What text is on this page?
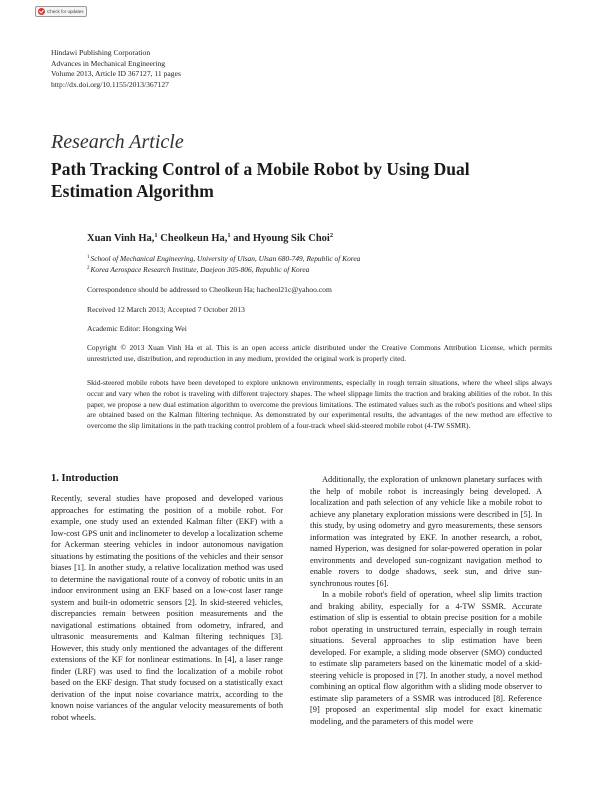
Check for updates
Hindawi Publishing Corporation
Advances in Mechanical Engineering
Volume 2013, Article ID 367127, 11 pages
http://dx.doi.org/10.1155/2013/367127
Research Article
Path Tracking Control of a Mobile Robot by Using Dual Estimation Algorithm
Xuan Vinh Ha,$^1$ Cheolkeun Ha,$^1$ and Hyoung Sik Choi$^2$
$^1$School of Mechanical Engineering, University of Ulsan, Ulsan 680-749, Republic of Korea
$^2$Korea Aerospace Research Institute, Daejeon 305-806, Republic of Korea
Correspondence should be addressed to Cheolkeun Ha; hacheol21c@yahoo.com
Received 12 March 2013; Accepted 7 October 2013
Academic Editor: Hongxing Wei
Copyright © 2013 Xuan Vinh Ha et al. This is an open access article distributed under the Creative Commons Attribution License, which permits unrestricted use, distribution, and reproduction in any medium, provided the original work is properly cited.
Skid-steered mobile robots have been developed to explore unknown environments, especially in rough terrain situations, where the wheel slips always occur and vary when the robot is traveling with different trajectory shapes. The wheel slippage limits the traction and braking abilities of the robot. In this paper, we propose a new dual estimation algorithm to overcome the previous limitations. The estimated values such as the robot's positions and wheel slips are obtained based on the Kalman filtering technique. As demonstrated by our experimental results, the advantages of the new method are effective to overcome the slip limitations in the path tracking control problem of a four-track wheel skid-steered mobile robot (4-TW SSMR).
1. Introduction

Recently, several studies have proposed and developed various approaches for estimating the position of a mobile robot. For example, one study used an extended Kalman filter (EKF) with a low-cost GPS unit and inclinometer to develop a localization scheme for Ackerman steering vehicles in indoor autonomous navigation situations by estimating the positions of the vehicles and their sensor biases [1]. In another study, a relative localization method was used to determine the navigational route of a convoy of robotic units in an indoor environment using an EKF based on a low-cost laser range system and built-in odometric sensors [2]. In skid-steered vehicles, discrepancies remain between position measurements and the navigational estimations obtained from odometry, infrared, and ultrasonic measurements and Kalman filtering techniques [3]. However, this study only mentioned the advantages of the different extensions of the KF for nonlinear estimations. In [4], a laser range finder (LRF) was used to find the localization of a mobile robot based on the EKF design. That study focused on a statistically exact derivation of the input noise covariance matrix, according to the known noise variances of the angular velocity measurements of both robot wheels.

Additionally, the exploration of unknown planetary surfaces with the help of mobile robot is increasingly being developed. A localization and path selection of any vehicle like a mobile robot to achieve any planetary exploration missions were described in [5]. In this study, by using odometry and gyro measurements, these sensors information was integrated by EKF. In another research, a robot, named Hyperion, was designed for solar-powered operation in polar environments and developed sun-cognizant navigation method to enable rovers to dodge shadows, seek sun, and drive sun-synchronous routes [6].

In a mobile robot's field of operation, wheel slip limits traction and braking ability, especially for a 4-TW SSMR. Accurate estimation of slip is essential to obtain precise position for a mobile robot operating in unstructured terrain, especially in rough terrain situations. Several approaches to slip estimation have been developed. For example, a sliding mode observer (SMO) conducted to estimate slip parameters based on the kinematic model of a skid-steering vehicle is proposed in [7]. In another study, a novel method combining an optical flow algorithm with a sliding mode observer to estimate slip parameters of a SSMR was introduced [8]. Reference [9] proposed an experimental slip model for exact kinematic modeling, and the parameters of this model were
